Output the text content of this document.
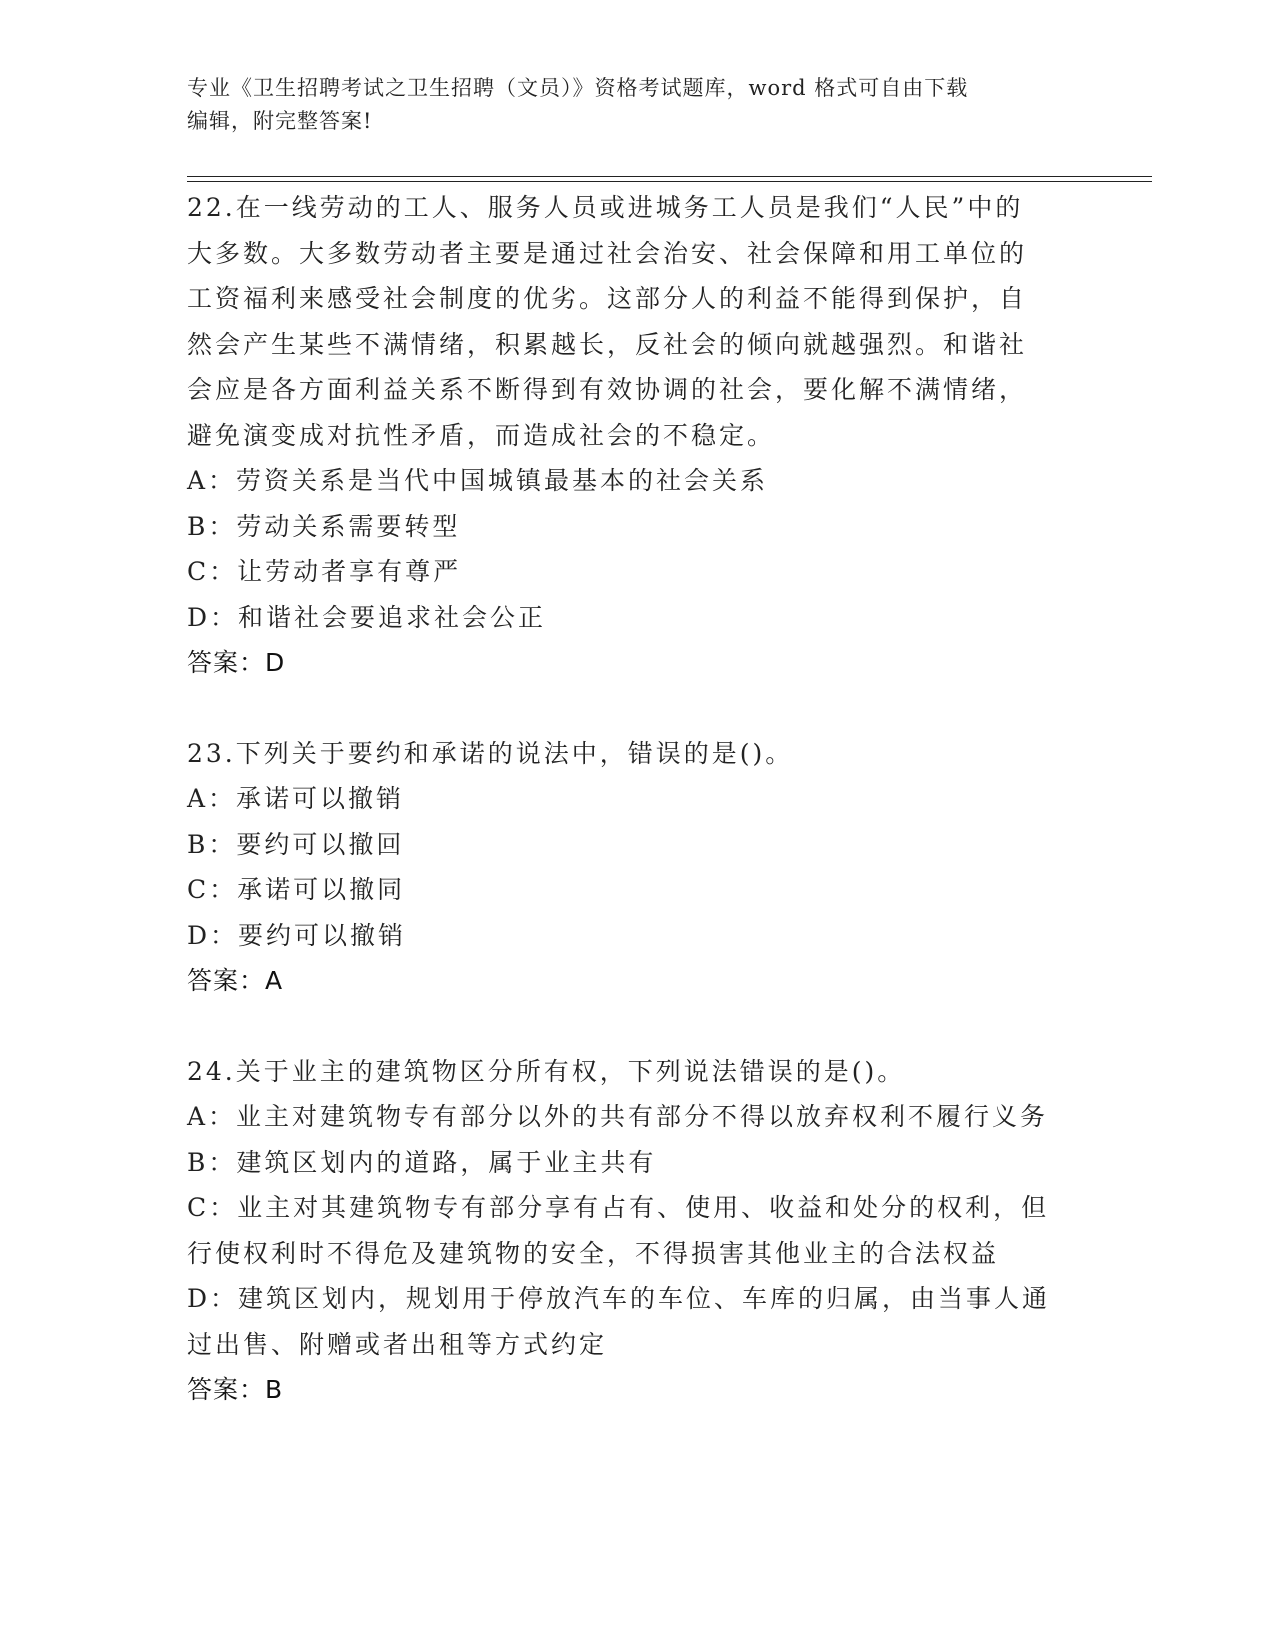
专业《卫生招聘考试之卫生招聘（文员）》资格考试题库，word 格式可自由下载
编辑，附完整答案!
22.在一线劳动的工人、服务人员或进城务工人员是我们“人民”中的
大多数。大多数劳动者主要是通过社会治安、社会保障和用工单位的
工资福利来感受社会制度的优劣。这部分人的利益不能得到保护，自
然会产生某些不满情绪，积累越长，反社会的倾向就越强烈。和谐社
会应是各方面利益关系不断得到有效协调的社会，要化解不满情绪，
避免演变成对抗性矛盾，而造成社会的不稳定。
A：劳资关系是当代中国城镇最基本的社会关系
B：劳动关系需要转型
C：让劳动者享有尊严
D：和谐社会要追求社会公正
答案：D
23.下列关于要约和承诺的说法中，错误的是()。
A：承诺可以撤销
B：要约可以撤回
C：承诺可以撤同
D：要约可以撤销
答案：A
24.关于业主的建筑物区分所有权，下列说法错误的是()。
A：业主对建筑物专有部分以外的共有部分不得以放弃权利不履行义务
B：建筑区划内的道路，属于业主共有
C：业主对其建筑物专有部分享有占有、使用、收益和处分的权利，但
行使权利时不得危及建筑物的安全，不得损害其他业主的合法权益
D：建筑区划内，规划用于停放汽车的车位、车库的归属，由当事人通
过出售、附赠或者出租等方式约定
答案：B
